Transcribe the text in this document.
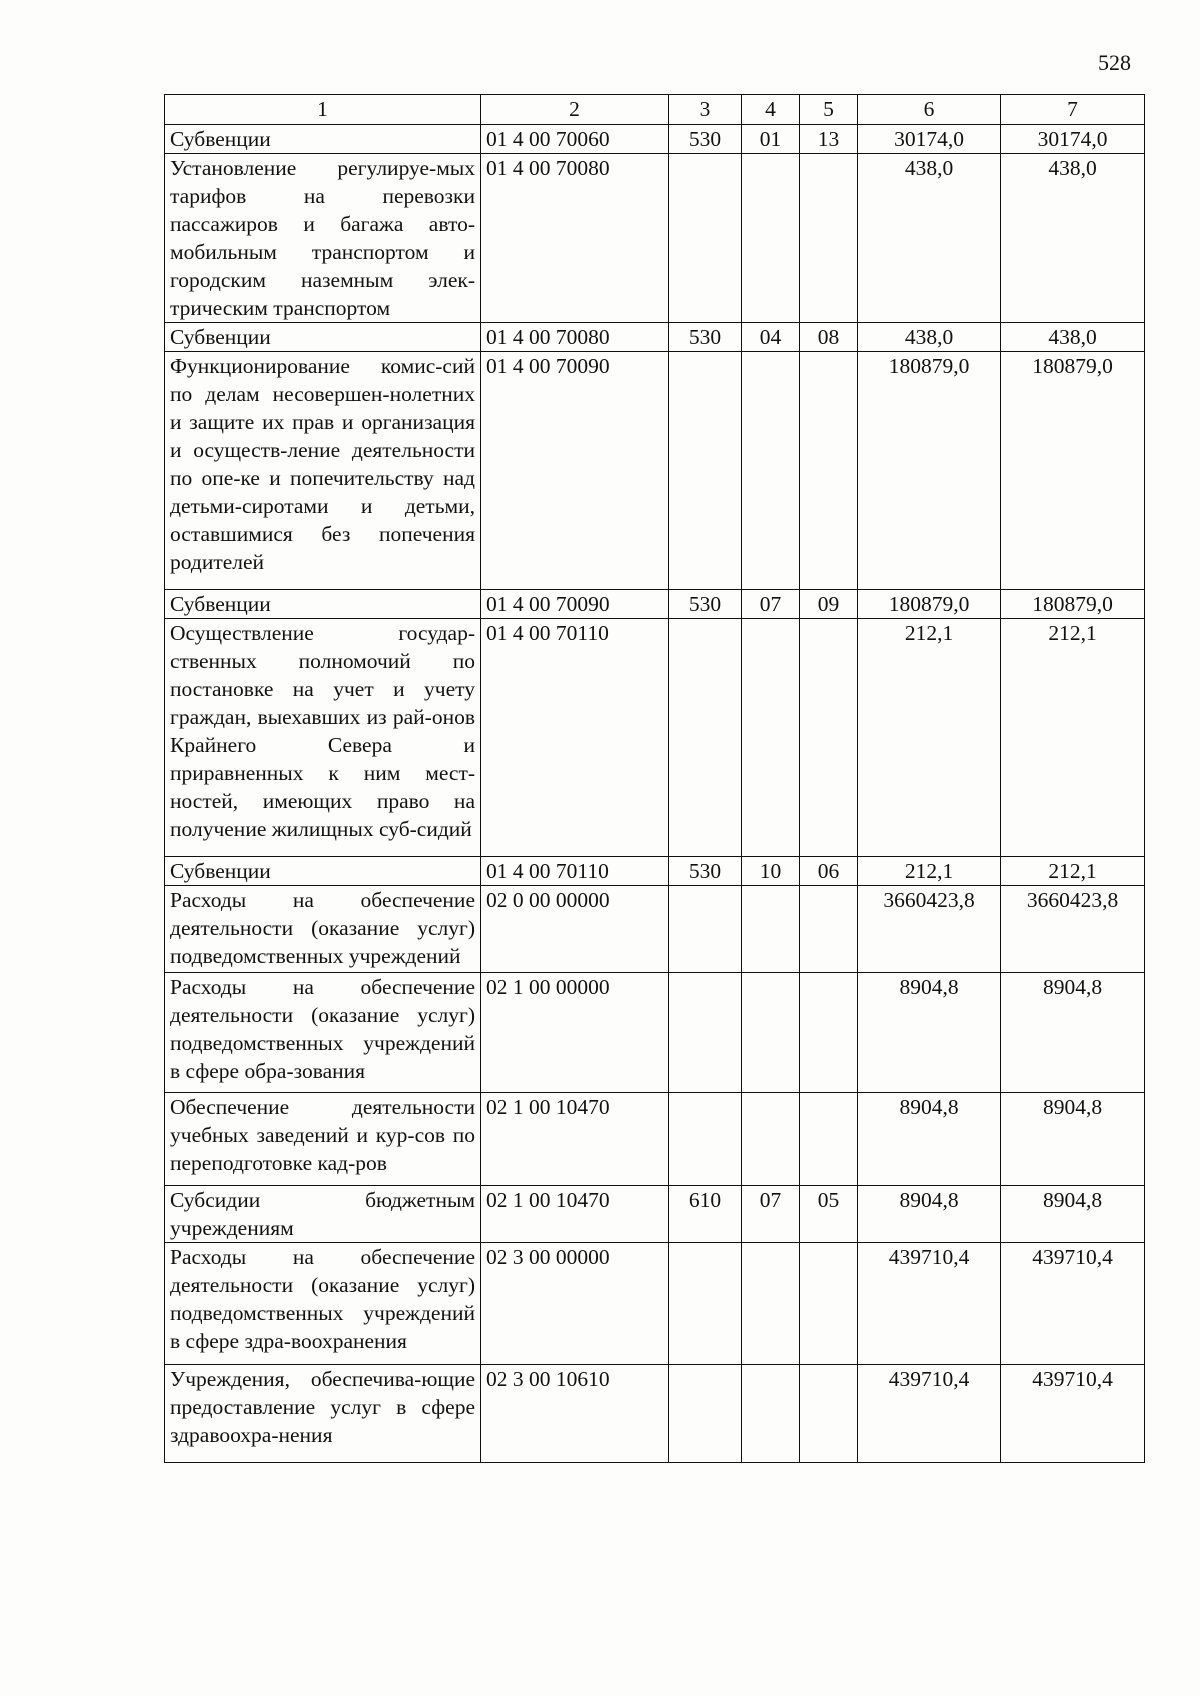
528
1	2	3	4	5	6	7
Субвенции	01 4 00 70060	530	01	13	30174,0	30174,0
Установление регулируе-мых тарифов на перевозки пассажиров и багажа авто-мобильным транспортом и городским наземным элек-трическим транспортом	01 4 00 70080				438,0	438,0
Субвенции	01 4 00 70080	530	04	08	438,0	438,0
Функционирование комис-сий по делам несовершен-нолетних и защите их прав и организация и осуществ-ление деятельности по опе-ке и попечительству над детьми-сиротами и детьми, оставшимися без попечения родителей	01 4 00 70090				180879,0	180879,0
Субвенции	01 4 00 70090	530	07	09	180879,0	180879,0
Осуществление государ-ственных полномочий по постановке на учет и учету граждан, выехавших из рай-онов Крайнего Севера и приравненных к ним мест-ностей, имеющих право на получение жилищных суб-сидий	01 4 00 70110				212,1	212,1
Субвенции	01 4 00 70110	530	10	06	212,1	212,1
Расходы на обеспечение деятельности (оказание услуг) подведомственных учреждений	02 0 00 00000				3660423,8	3660423,8
Расходы на обеспечение деятельности (оказание услуг) подведомственных учреждений в сфере обра-зования	02 1 00 00000				8904,8	8904,8
Обеспечение деятельности учебных заведений и кур-сов по переподготовке кад-ров	02 1 00 10470				8904,8	8904,8
Субсидии бюджетным учреждениям	02 1 00 10470	610	07	05	8904,8	8904,8
Расходы на обеспечение деятельности (оказание услуг) подведомственных учреждений в сфере здра-воохранения	02 3 00 00000				439710,4	439710,4
Учреждения, обеспечива-ющие предоставление услуг в сфере здравоохра-нения	02 3 00 10610				439710,4	439710,4
